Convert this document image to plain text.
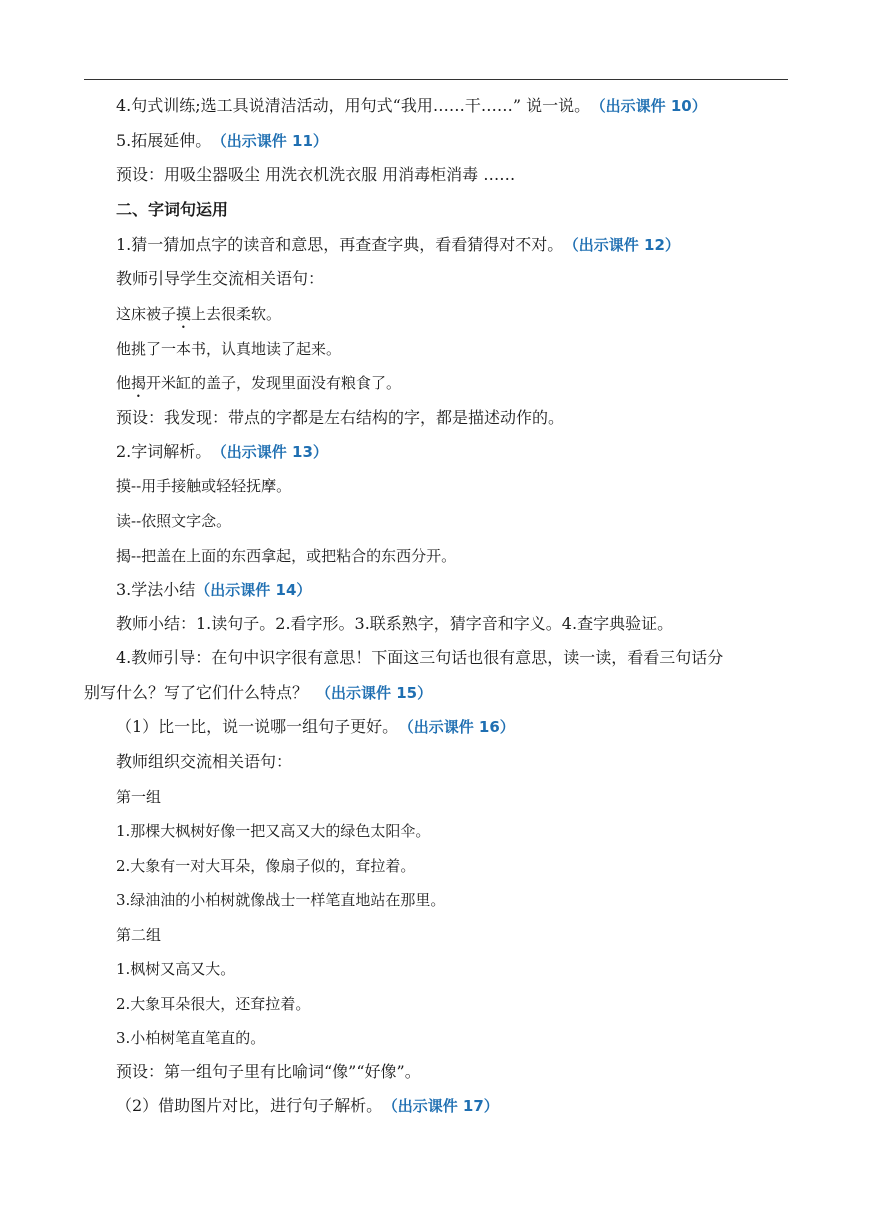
4.句式训练;选工具说清洁活动，用句式“我用……干……” 说一说。 （出示课件 10）
5.拓展延伸。 （出示课件 11）
预设：用吸尘器吸尘 用洗衣机洗衣服 用消毒柜消毒 ……
二、字词句运用
1.猜一猜加点字的读音和意思，再查查字典，看看猜得对不对。 （出示课件 12）
教师引导学生交流相关语句：
这床被子摸上去很柔软。
他挑了一本书，认真地读了起来。
他揭开米缸的盖子，发现里面没有粮食了。
预设：我发现：带点的字都是左右结构的字，都是描述动作的。
2.字词解析。 （出示课件 13）
摸--用手接触或轻轻抚摩。
读--依照文字念。
揭--把盖在上面的东西拿起，或把粘合的东西分开。
3.学法小结（出示课件 14）
教师小结：1.读句子。2.看字形。3.联系熟字，猜字音和字义。4.查字典验证。
4.教师引导：在句中识字很有意思！下面这三句话也很有意思，读一读，看看三句话分
别写什么？写了它们什么特点？ （出示课件 15）
（1）比一比，说一说哪一组句子更好。 （出示课件 16）
教师组织交流相关语句：
第一组
1.那棵大枫树好像一把又高又大的绿色太阳伞。
2.大象有一对大耳朵，像扇子似的，耷拉着。
3.绿油油的小柏树就像战士一样笔直地站在那里。
第二组
1.枫树又高又大。
2.大象耳朵很大，还耷拉着。
3.小柏树笔直笔直的。
预设：第一组句子里有比喻词“像”“好像”。
（2）借助图片对比，进行句子解析。 （出示课件 17）
